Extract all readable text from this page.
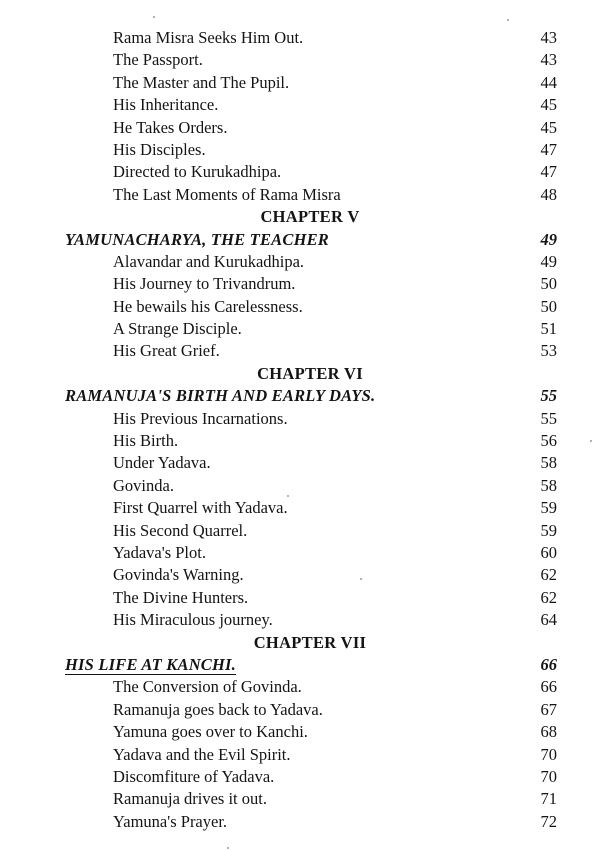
Rama Misra Seeks Him Out.	43
The Passport.	43
The Master and The Pupil.	44
His Inheritance.	45
He Takes Orders.	45
His Disciples.	47
Directed to Kurukadhipa.	47
The Last Moments of Rama Misra	48
CHAPTER V
YAMUNACHARYA, THE TEACHER	49
Alavandar and Kurukadhipa.	49
His Journey to Trivandrum.	50
He bewails his Carelessness.	50
A Strange Disciple.	51
His Great Grief.	53
CHAPTER VI
RAMANUJA'S BIRTH AND EARLY DAYS.	55
His Previous Incarnations.	55
His Birth.	56
Under Yadava.	58
Govinda.	58
First Quarrel with Yadava.	59
His Second Quarrel.	59
Yadava's Plot.	60
Govinda's Warning.	62
The Divine Hunters.	62
His Miraculous journey.	64
CHAPTER VII
HIS LIFE AT KANCHI.	66
The Conversion of Govinda.	66
Ramanuja goes back to Yadava.	67
Yamuna goes over to Kanchi.	68
Yadava and the Evil Spirit.	70
Discomfiture of Yadava.	70
Ramanuja drives it out.	71
Yamuna's Prayer.	72
